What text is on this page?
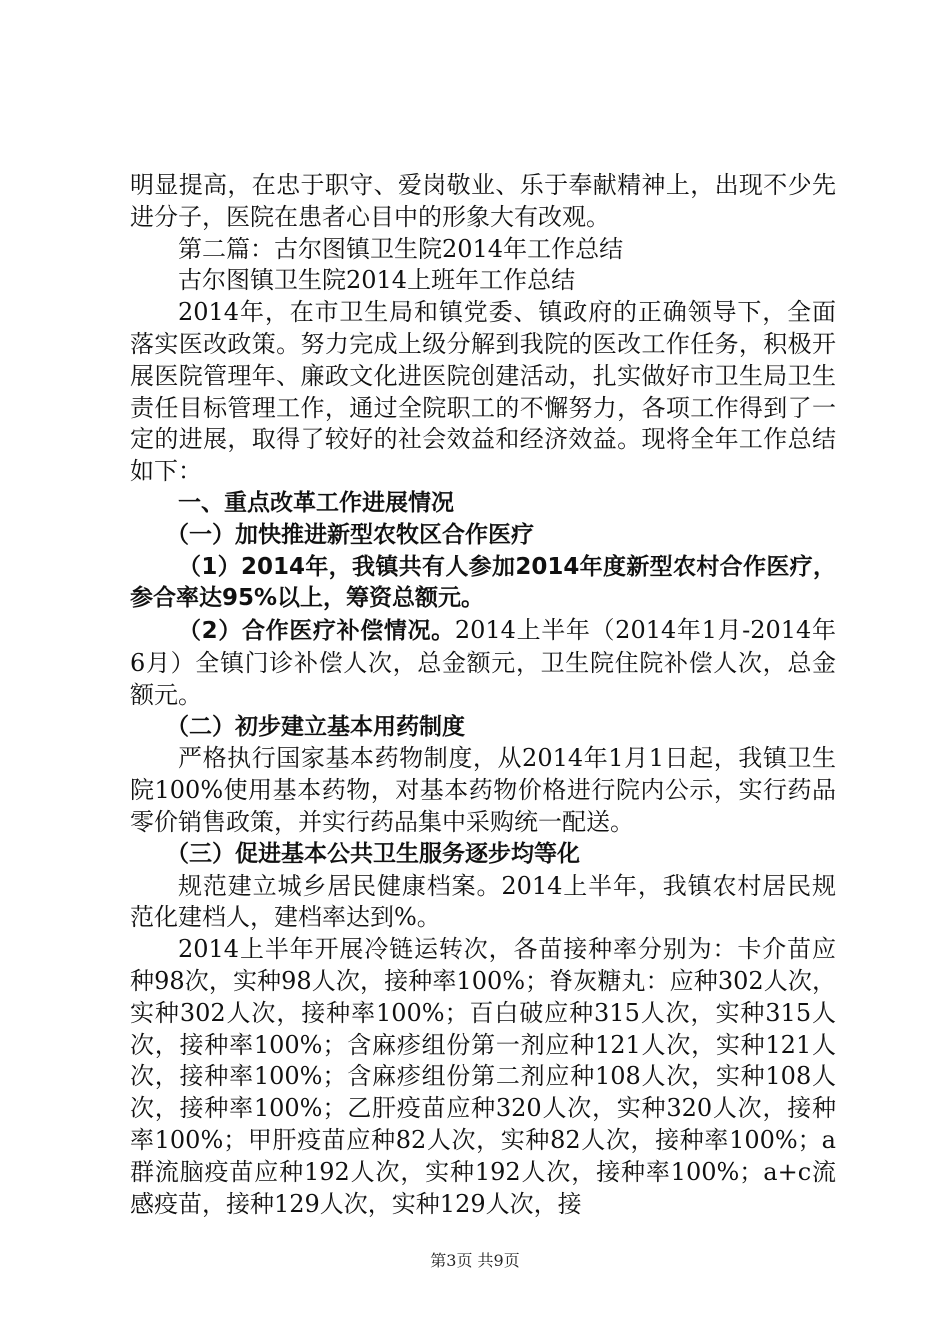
明显提高，在忠于职守、爱岗敬业、乐于奉献精神上，出现不少先进分子，医院在患者心目中的形象大有改观。

第二篇：古尔图镇卫生院2014年工作总结

古尔图镇卫生院2014上班年工作总结

2014年，在市卫生局和镇党委、镇政府的正确领导下，全面落实医改政策。努力完成上级分解到我院的医改工作任务，积极开展医院管理年、廉政文化进医院创建活动，扎实做好市卫生局卫生责任目标管理工作，通过全院职工的不懈努力，各项工作得到了一定的进展，取得了较好的社会效益和经济效益。现将全年工作总结如下：

一、重点改革工作进展情况

（一）加快推进新型农牧区合作医疗

（1）2014年，我镇共有人参加2014年度新型农村合作医疗，参合率达95%以上，筹资总额元。

（2）合作医疗补偿情况。2014上半年（2014年1月-2014年6月）全镇门诊补偿人次，总金额元，卫生院住院补偿人次，总金额元。

（二）初步建立基本用药制度

严格执行国家基本药物制度，从2014年1月1日起，我镇卫生院100%使用基本药物，对基本药物价格进行院内公示，实行药品零价销售政策，并实行药品集中采购统一配送。

（三）促进基本公共卫生服务逐步均等化

规范建立城乡居民健康档案。2014上半年，我镇农村居民规范化建档人，建档率达到%。

2014上半年开展冷链运转次，各苗接种率分别为：卡介苗应种98次，实种98人次，接种率100%；脊灰糖丸：应种302人次，实种302人次，接种率100%；百白破应种315人次，实种315人次，接种率100%；含麻疹组份第一剂应种121人次，实种121人次，接种率100%；含麻疹组份第二剂应种108人次，实种108人次，接种率100%；乙肝疫苗应种320人次，实种320人次，接种率100%；甲肝疫苗应种82人次，实种82人次，接种率100%；a群流脑疫苗应种192人次，实种192人次，接种率100%；a+c流感疫苗，接种129人次，实种129人次，接

第3页 共9页
